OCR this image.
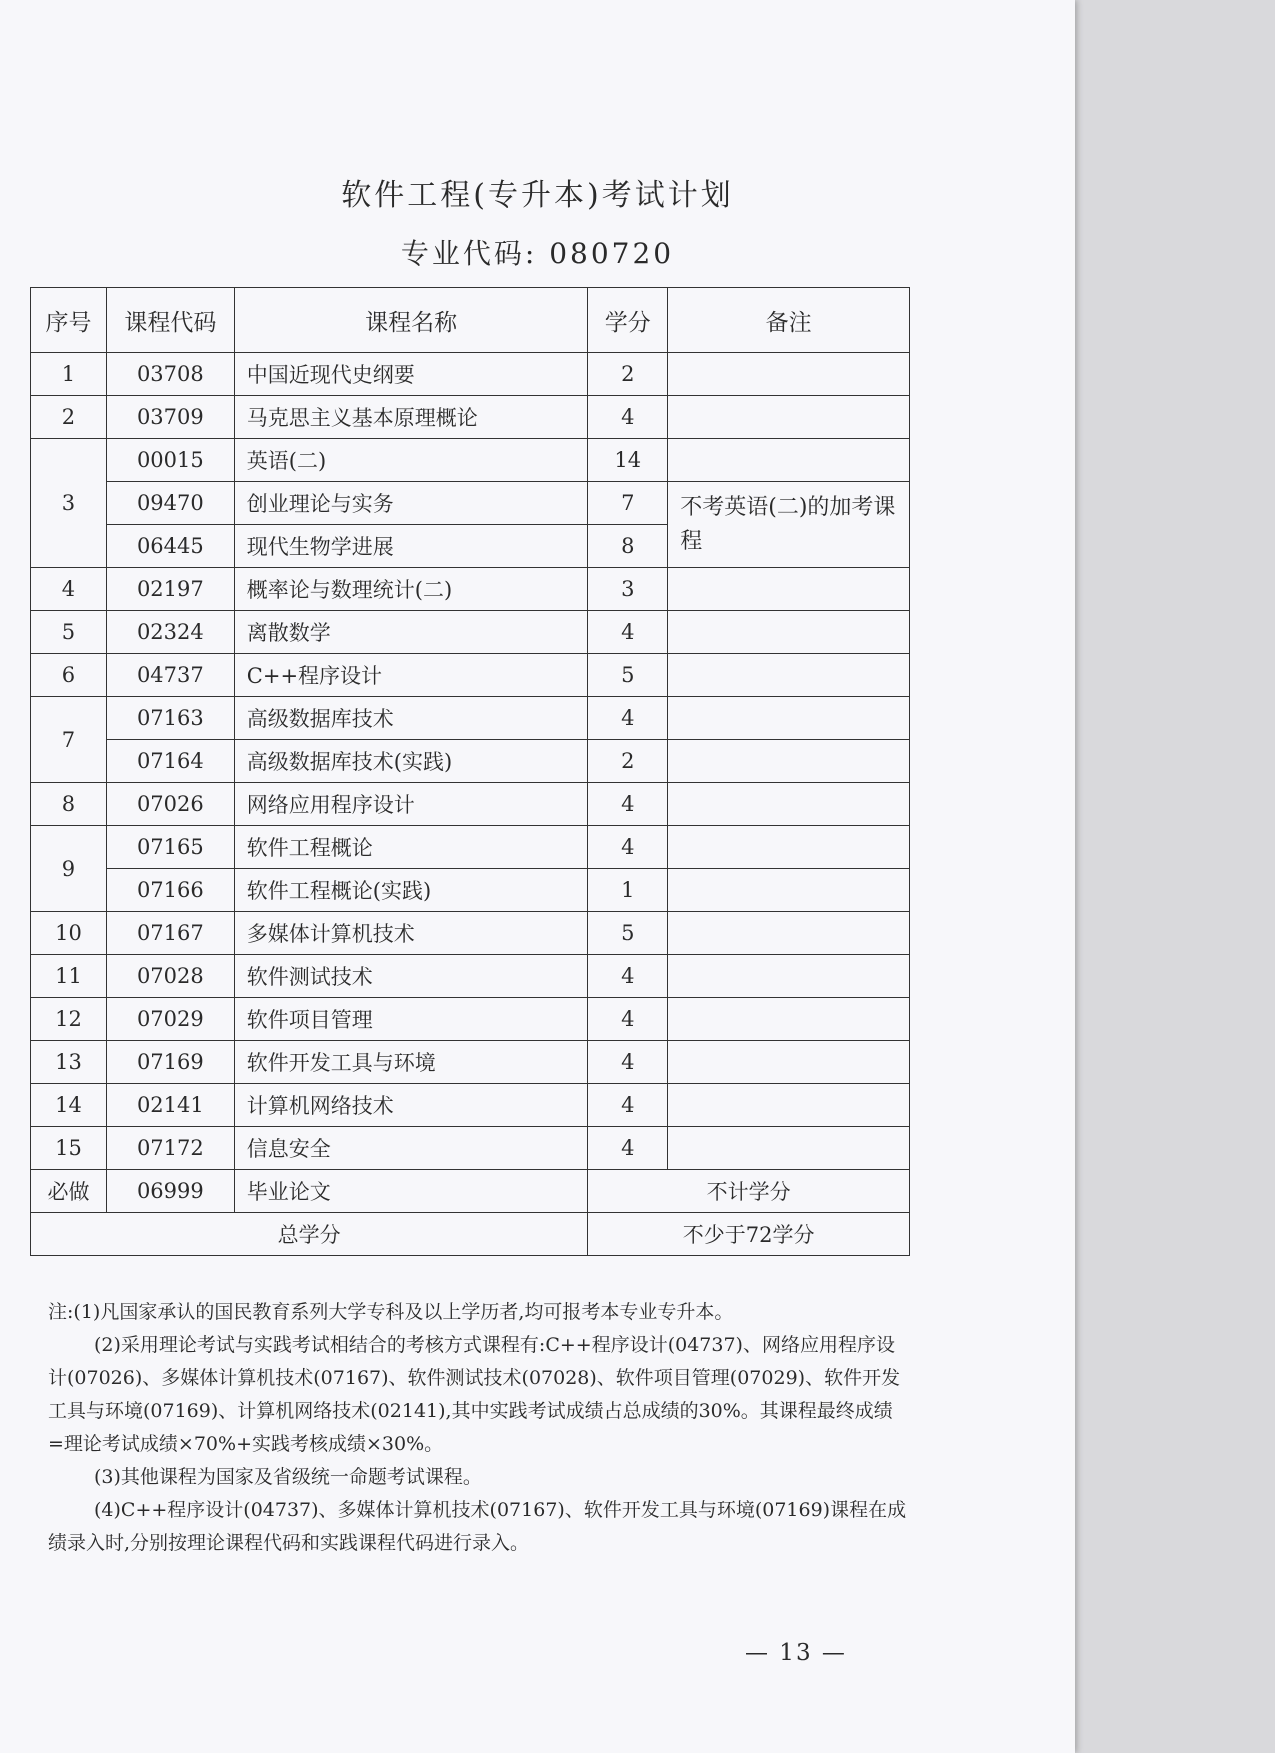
软件工程(专升本)考试计划
专业代码: 080720
序号	课程代码	课程名称	学分	备注
1	03708	中国近现代史纲要	2	
2	03709	马克思主义基本原理概论	4	
3	00015	英语(二)	14	
	09470	创业理论与实务	7	不考英语(二)的加考课程
	06445	现代生物学进展	8	
4	02197	概率论与数理统计(二)	3	
5	02324	离散数学	4	
6	04737	C++程序设计	5	
7	07163	高级数据库技术	4	
	07164	高级数据库技术(实践)	2	
8	07026	网络应用程序设计	4	
9	07165	软件工程概论	4	
	07166	软件工程概论(实践)	1	
10	07167	多媒体计算机技术	5	
11	07028	软件测试技术	4	
12	07029	软件项目管理	4	
13	07169	软件开发工具与环境	4	
14	02141	计算机网络技术	4	
15	07172	信息安全	4	
必做	06999	毕业论文	不计学分	
总学分			不少于72学分	

注:(1)凡国家承认的国民教育系列大学专科及以上学历者,均可报考本专业专升本。

(2)采用理论考试与实践考试相结合的考核方式课程有:C++程序设计(04737)、网络应用程序设计(07026)、多媒体计算机技术(07167)、软件测试技术(07028)、软件项目管理(07029)、软件开发工具与环境(07169)、计算机网络技术(02141),其中实践考试成绩占总成绩的30%。其课程最终成绩=理论考试成绩×70%+实践考核成绩×30%。

(3)其他课程为国家及省级统一命题考试课程。

(4)C++程序设计(04737)、多媒体计算机技术(07167)、软件开发工具与环境(07169)课程在成绩录入时,分别按理论课程代码和实践课程代码进行录入。

— 13 —
